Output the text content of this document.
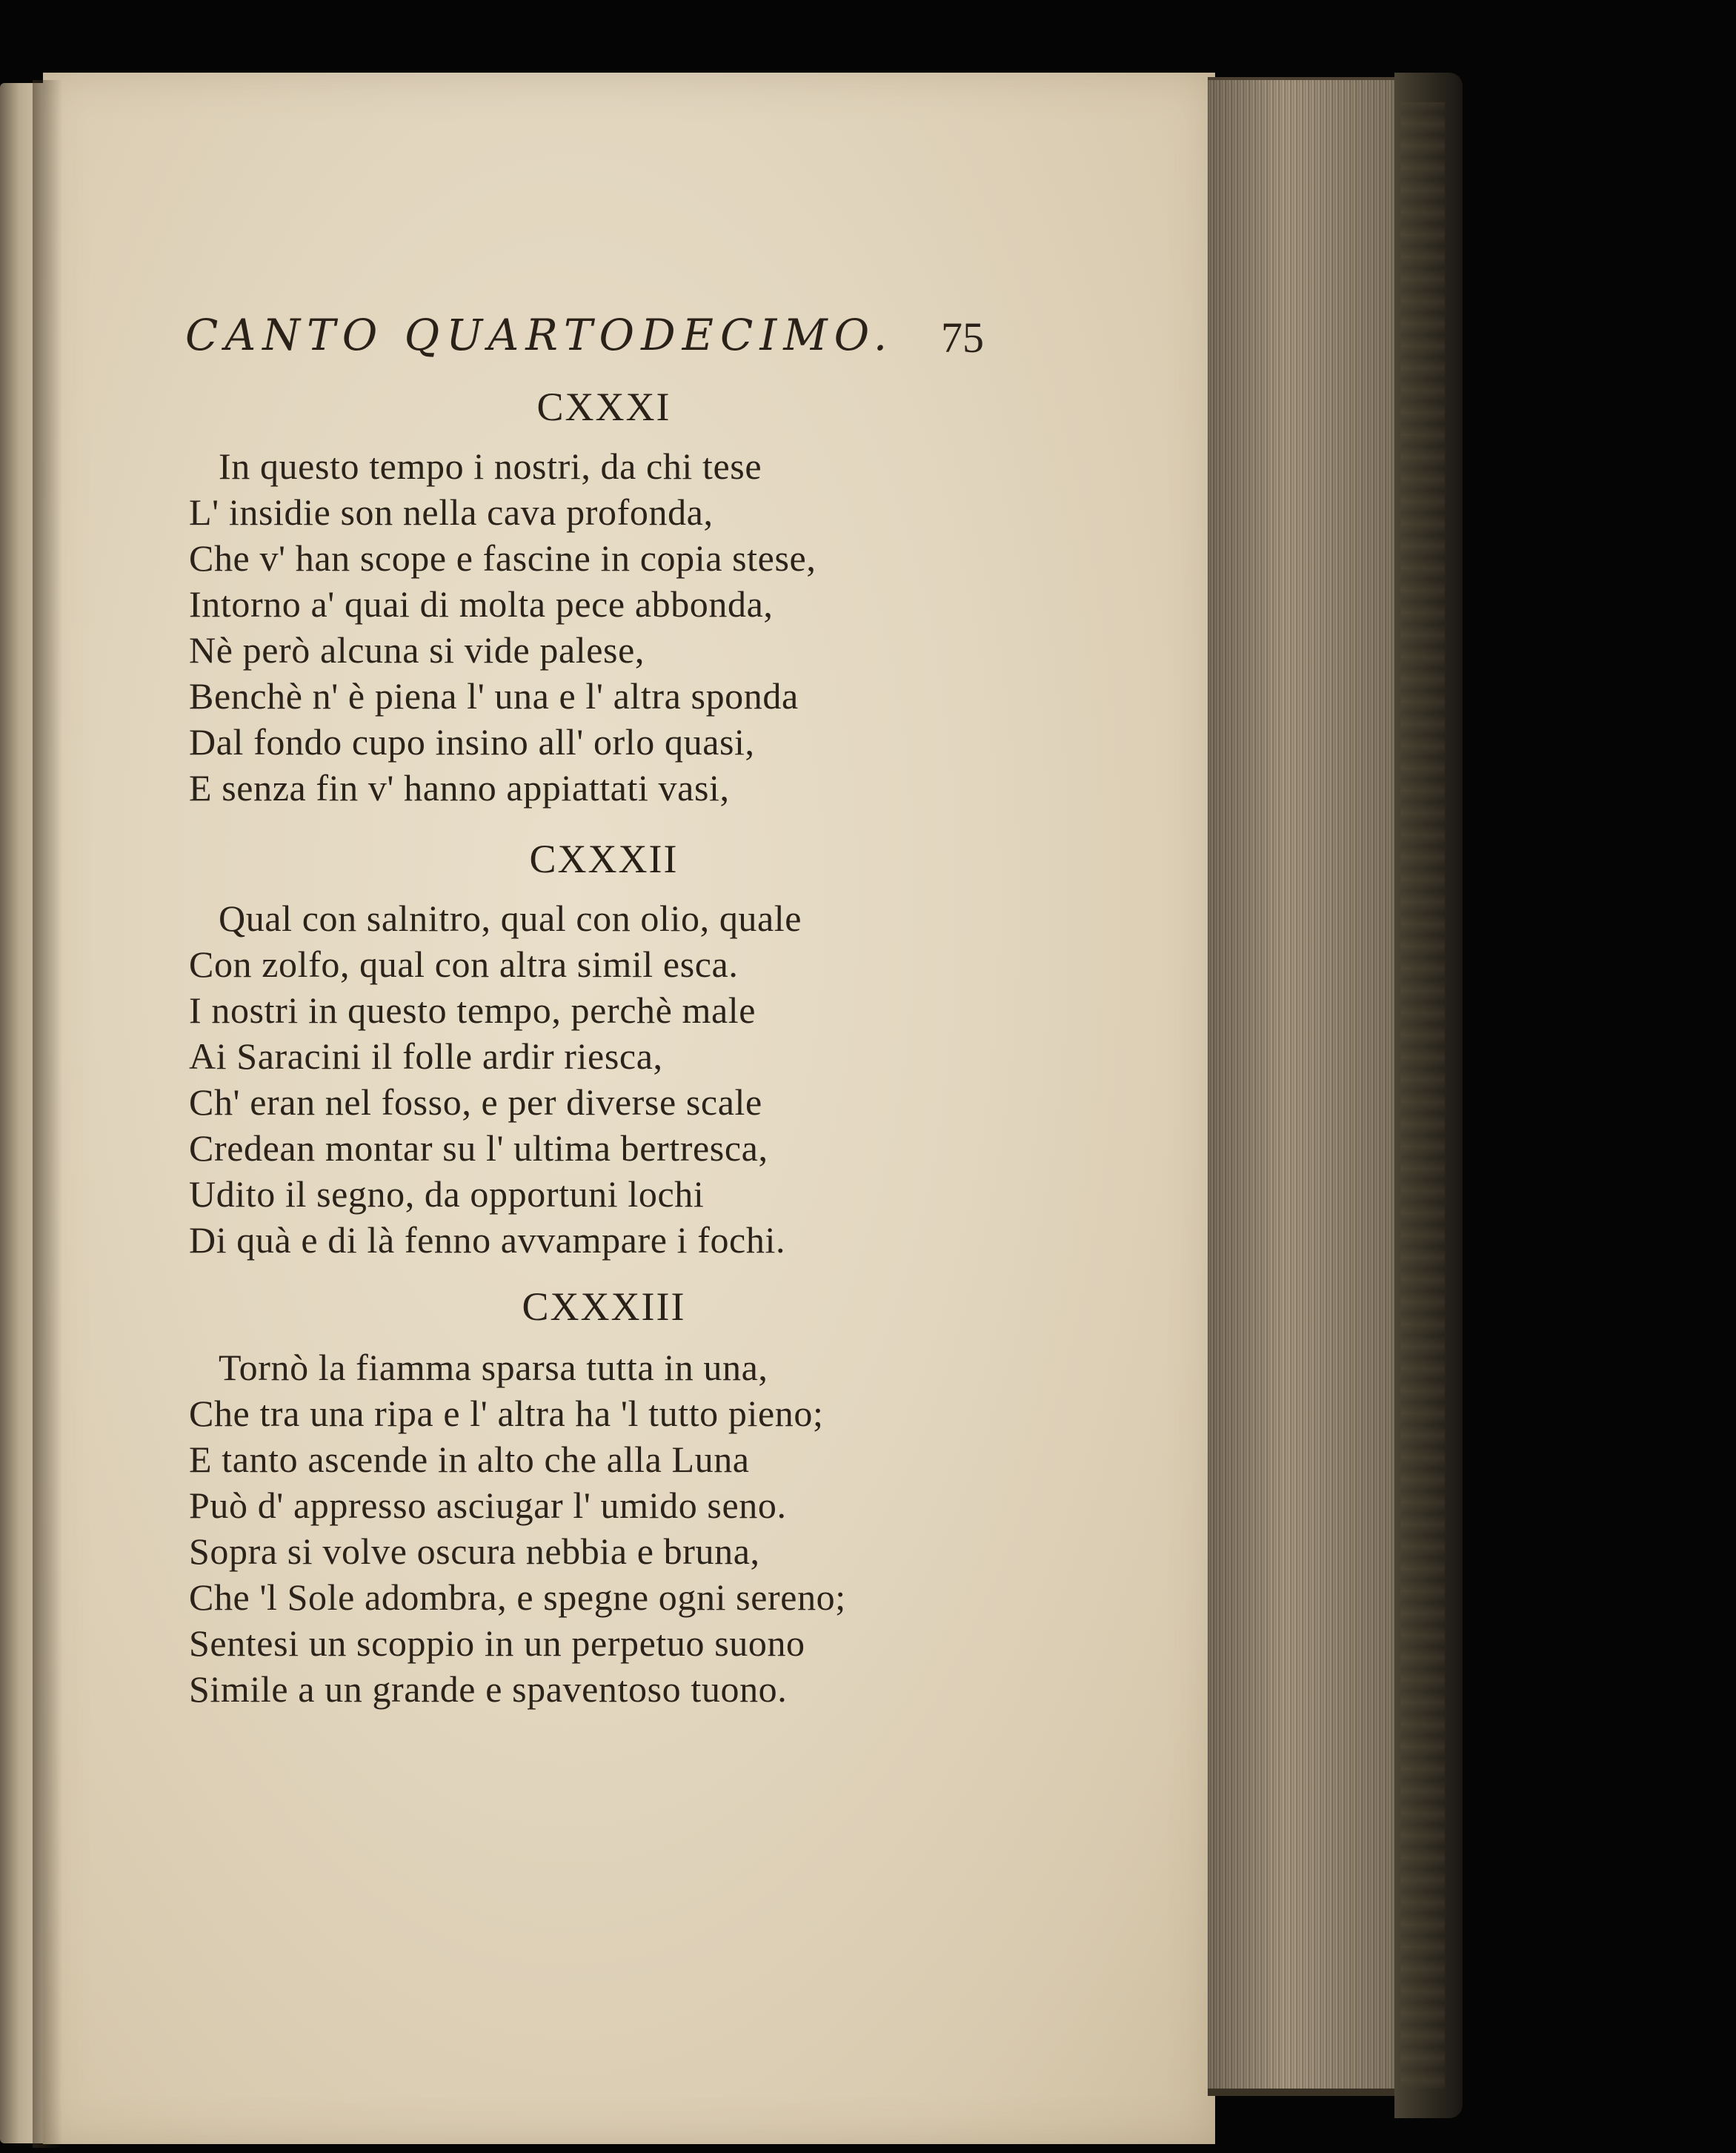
CANTO QUARTODECIMO. 75
CXXXI
In questo tempo i nostri, da chi tese
L' insidie son nella cava profonda,
Che v' han scope e fascine in copia stese,
Intorno a' quai di molta pece abbonda,
Nè però alcuna si vide palese,
Benchè n' è piena l' una e l' altra sponda
Dal fondo cupo insino all' orlo quasi,
E senza fin v' hanno appiattati vasi,
CXXXII
Qual con salnitro, qual con olio, quale
Con zolfo, qual con altra simil esca.
I nostri in questo tempo, perchè male
Ai Saracini il folle ardir riesca,
Ch' eran nel fosso, e per diverse scale
Credean montar su l' ultima bertresca,
Udito il segno, da opportuni lochi
Di quà e di là fenno avvampare i fochi.
CXXXIII
Tornò la fiamma sparsa tutta in una,
Che tra una ripa e l' altra ha 'l tutto pieno;
E tanto ascende in alto che alla Luna
Può d' appresso asciugar l' umido seno.
Sopra si volve oscura nebbia e bruna,
Che 'l Sole adombra, e spegne ogni sereno;
Sentesi un scoppio in un perpetuo suono
Simile a un grande e spaventoso tuono.
